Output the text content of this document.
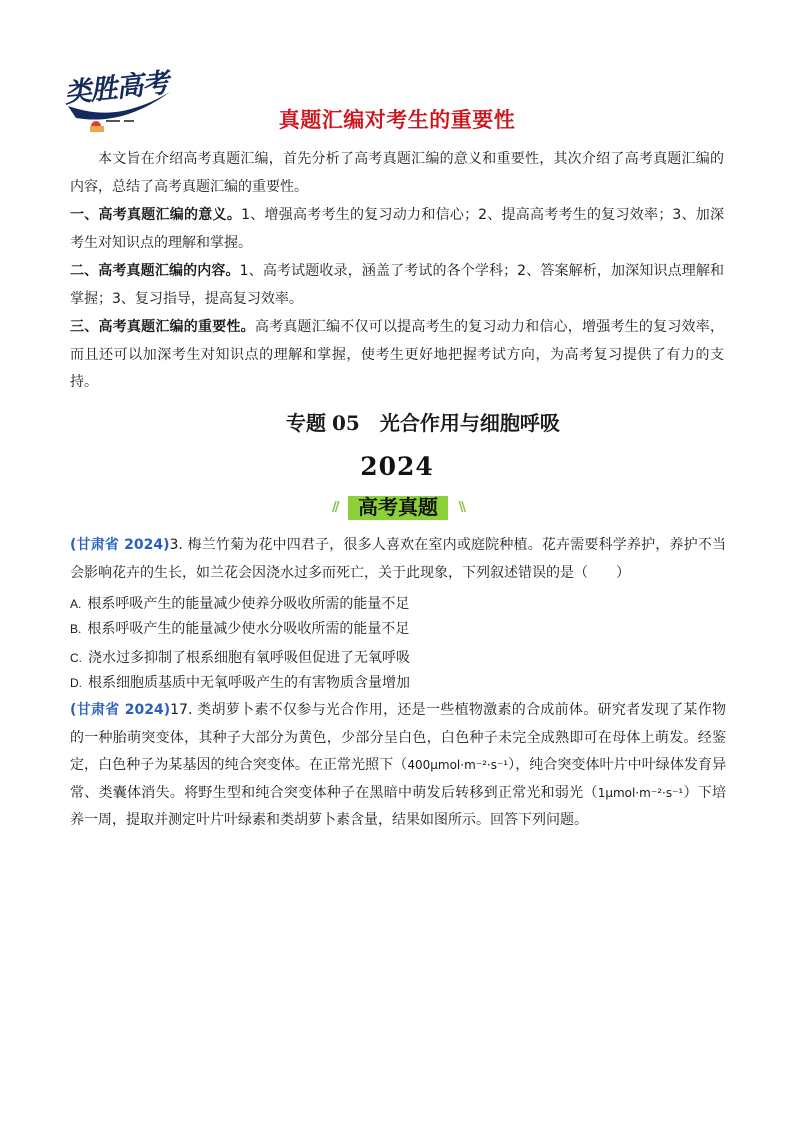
类胜高考
真题汇编对考生的重要性
本文旨在介绍高考真题汇编，首先分析了高考真题汇编的意义和重要性，其次介绍了高考真题汇编的内容，总结了高考真题汇编的重要性。
一、高考真题汇编的意义。1、增强高考考生的复习动力和信心；2、提高高考考生的复习效率；3、加深考生对知识点的理解和掌握。
二、高考真题汇编的内容。1、高考试题收录，涵盖了考试的各个学科；2、答案解析，加深知识点理解和掌握；3、复习指导，提高复习效率。
三、高考真题汇编的重要性。高考真题汇编不仅可以提高考生的复习动力和信心，增强考生的复习效率，而且还可以加深考生对知识点的理解和掌握，使考生更好地把握考试方向，为高考复习提供了有力的支持。
专题 05 光合作用与细胞呼吸
2024
//	高考真题	\\
(甘肃省 2024)3. 梅兰竹菊为花中四君子，很多人喜欢在室内或庭院种植。花卉需要科学养护，养护不当会影响花卉的生长，如兰花会因浇水过多而死亡，关于此现象，下列叙述错误的是（　　）
A. 根系呼吸产生的能量减少使养分吸收所需的能量不足
B. 根系呼吸产生的能量减少使水分吸收所需的能量不足
C. 浇水过多抑制了根系细胞有氧呼吸但促进了无氧呼吸
D. 根系细胞质基质中无氧呼吸产生的有害物质含量增加
(甘肃省 2024)17. 类胡萝卜素不仅参与光合作用，还是一些植物激素的合成前体。研究者发现了某作物的一种胎萌突变体，其种子大部分为黄色，少部分呈白色，白色种子未完全成熟即可在母体上萌发。经鉴定，白色种子为某基因的纯合突变体。在正常光照下（400μmol·m⁻²·s⁻¹），纯合突变体叶片中叶绿体发育异常、类囊体消失。将野生型和纯合突变体种子在黑暗中萌发后转移到正常光和弱光（1μmol·m⁻²·s⁻¹）下培养一周，提取并测定叶片叶绿素和类胡萝卜素含量，结果如图所示。回答下列问题。
